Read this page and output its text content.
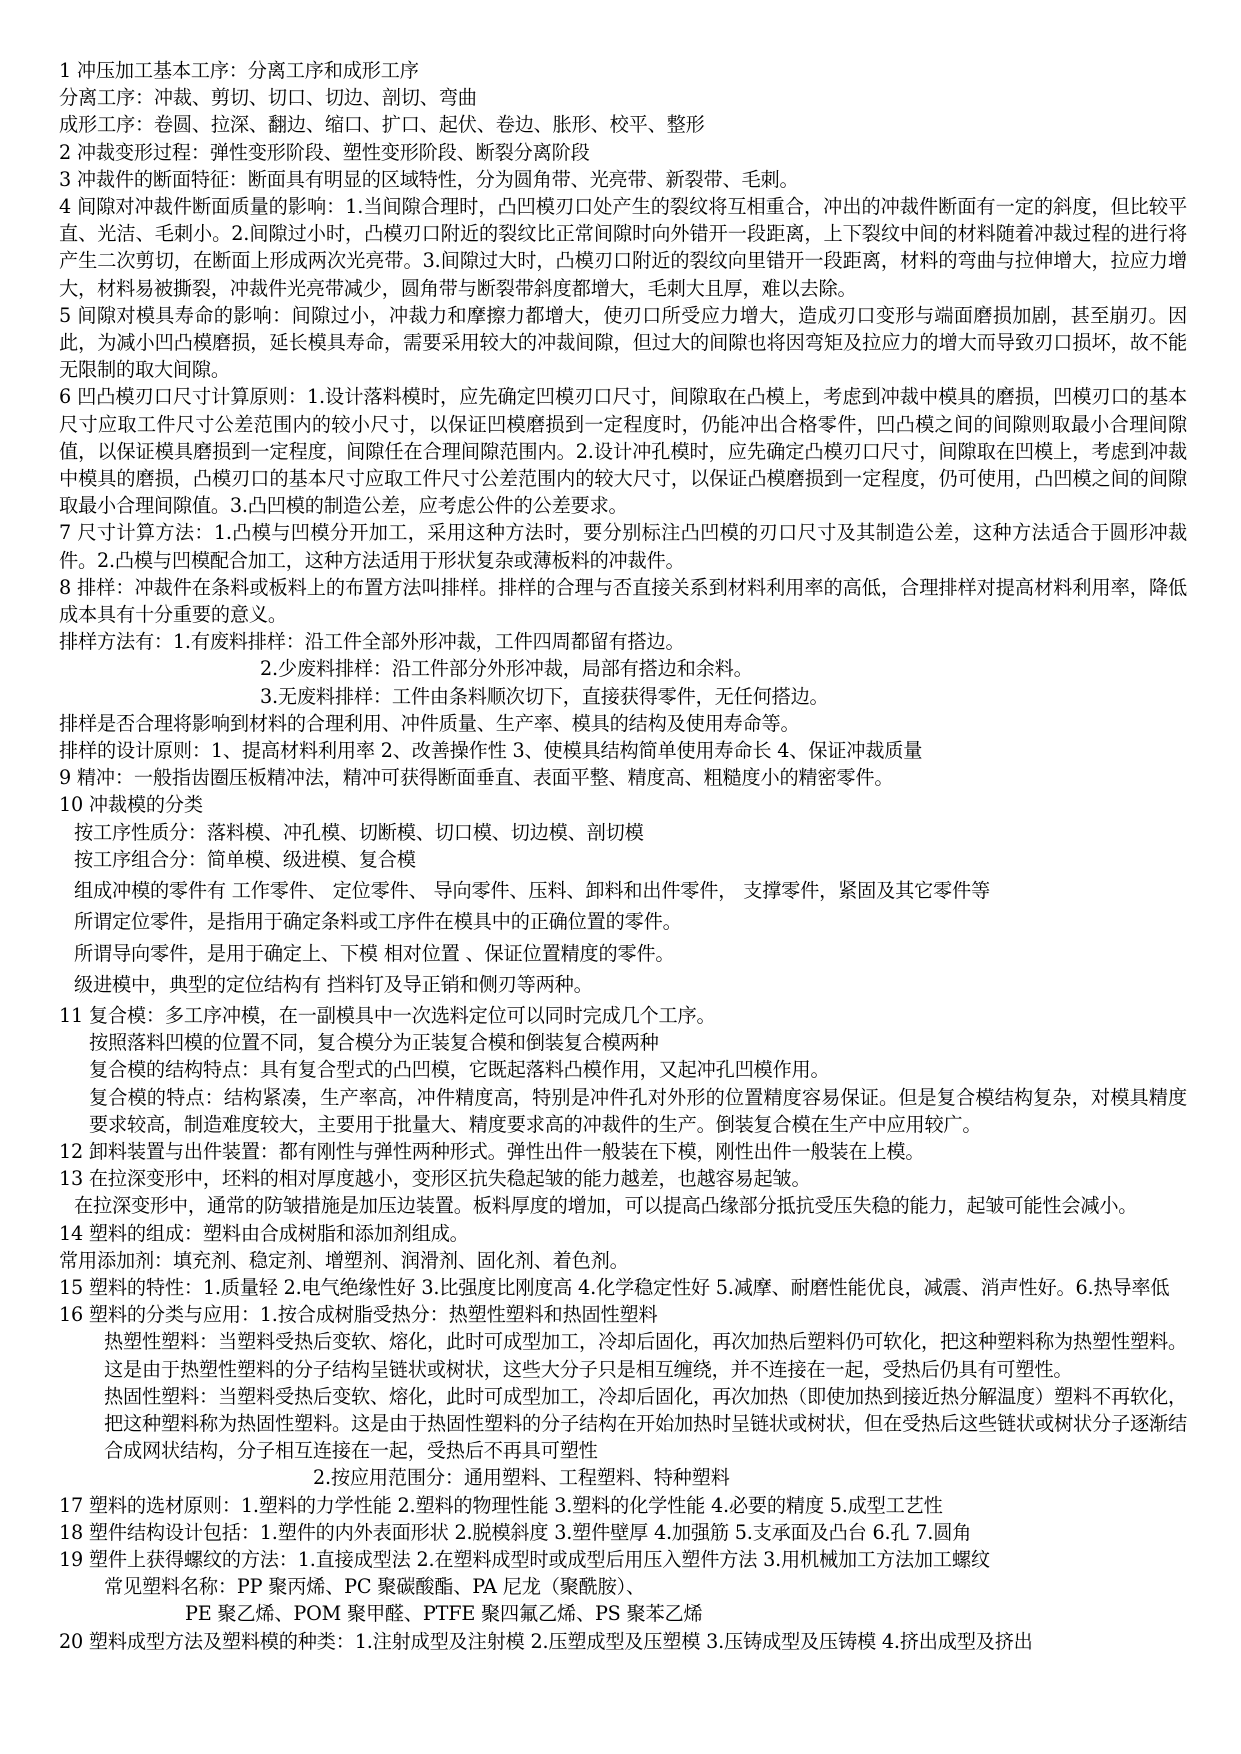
1 冲压加工基本工序：分离工序和成形工序
分离工序：冲裁、剪切、切口、切边、剖切、弯曲
成形工序：卷圆、拉深、翻边、缩口、扩口、起伏、卷边、胀形、校平、整形
2 冲裁变形过程：弹性变形阶段、塑性变形阶段、断裂分离阶段
3 冲裁件的断面特征：断面具有明显的区域特性，分为圆角带、光亮带、新裂带、毛刺。
4 间隙对冲裁件断面质量的影响：1.当间隙合理时，凸凹模刃口处产生的裂纹将互相重合，冲出的冲裁件断面有一定的斜度，但比较平直、光洁、毛刺小。2.间隙过小时，凸模刃口附近的裂纹比正常间隙时向外错开一段距离，上下裂纹中间的材料随着冲裁过程的进行将产生二次剪切，在断面上形成两次光亮带。3.间隙过大时，凸模刃口附近的裂纹向里错开一段距离，材料的弯曲与拉伸增大，拉应力增大，材料易被撕裂，冲裁件光亮带减少，圆角带与断裂带斜度都增大，毛刺大且厚，难以去除。
5 间隙对模具寿命的影响：间隙过小，冲裁力和摩擦力都增大，使刃口所受应力增大，造成刃口变形与端面磨损加剧，甚至崩刃。因此，为减小凹凸模磨损，延长模具寿命，需要采用较大的冲裁间隙，但过大的间隙也将因弯矩及拉应力的增大而导致刃口损坏，故不能无限制的取大间隙。
6 凹凸模刃口尺寸计算原则：1.设计落料模时，应先确定凹模刃口尺寸，间隙取在凸模上，考虑到冲裁中模具的磨损，凹模刃口的基本尺寸应取工件尺寸公差范围内的较小尺寸，以保证凹模磨损到一定程度时，仍能冲出合格零件，凹凸模之间的间隙则取最小合理间隙值，以保证模具磨损到一定程度，间隙任在合理间隙范围内。2.设计冲孔模时，应先确定凸模刃口尺寸，间隙取在凹模上，考虑到冲裁中模具的磨损，凸模刃口的基本尺寸应取工件尺寸公差范围内的较大尺寸，以保证凸模磨损到一定程度，仍可使用，凸凹模之间的间隙取最小合理间隙值。3.凸凹模的制造公差，应考虑公件的公差要求。
7 尺寸计算方法：1.凸模与凹模分开加工，采用这种方法时，要分别标注凸凹模的刃口尺寸及其制造公差，这种方法适合于圆形冲裁件。2.凸模与凹模配合加工，这种方法适用于形状复杂或薄板料的冲裁件。
8 排样：冲裁件在条料或板料上的布置方法叫排样。排样的合理与否直接关系到材料利用率的高低，合理排样对提高材料利用率，降低成本具有十分重要的意义。
排样方法有：1.有废料排样：沿工件全部外形冲裁，工件四周都留有搭边。
2.少废料排样：沿工件部分外形冲裁，局部有搭边和余料。
3.无废料排样：工件由条料顺次切下，直接获得零件，无任何搭边。
排样是否合理将影响到材料的合理利用、冲件质量、生产率、模具的结构及使用寿命等。
排样的设计原则：1、提高材料利用率 2、改善操作性 3、使模具结构简单使用寿命长 4、保证冲裁质量
9 精冲：一般指齿圈压板精冲法，精冲可获得断面垂直、表面平整、精度高、粗糙度小的精密零件。
10 冲裁模的分类
按工序性质分：落料模、冲孔模、切断模、切口模、切边模、剖切模
按工序组合分：简单模、级进模、复合模
组成冲模的零件有 工作零件、 定位零件、 导向零件、压料、卸料和出件零件， 支撑零件，紧固及其它零件等
所谓定位零件，是指用于确定条料或工序件在模具中的正确位置的零件。
所谓导向零件，是用于确定上、下模 相对位置 、保证位置精度的零件。
级进模中，典型的定位结构有 挡料钉及导正销和侧刃等两种。
11 复合模：多工序冲模，在一副模具中一次选料定位可以同时完成几个工序。
按照落料凹模的位置不同，复合模分为正装复合模和倒装复合模两种
复合模的结构特点：具有复合型式的凸凹模，它既起落料凸模作用，又起冲孔凹模作用。
复合模的特点：结构紧凑，生产率高，冲件精度高，特别是冲件孔对外形的位置精度容易保证。但是复合模结构复杂，对模具精度要求较高，制造难度较大，主要用于批量大、精度要求高的冲裁件的生产。倒装复合模在生产中应用较广。
12 卸料装置与出件装置：都有刚性与弹性两种形式。弹性出件一般装在下模，刚性出件一般装在上模。
13 在拉深变形中，坯料的相对厚度越小，变形区抗失稳起皱的能力越差，也越容易起皱。
在拉深变形中，通常的防皱措施是加压边装置。板料厚度的增加，可以提高凸缘部分抵抗受压失稳的能力，起皱可能性会减小。
14 塑料的组成：塑料由合成树脂和添加剂组成。
常用添加剂：填充剂、稳定剂、增塑剂、润滑剂、固化剂、着色剂。
15 塑料的特性：1.质量轻 2.电气绝缘性好 3.比强度比刚度高 4.化学稳定性好 5.减摩、耐磨性能优良，减震、消声性好。6.热导率低
16 塑料的分类与应用：1.按合成树脂受热分：热塑性塑料和热固性塑料
热塑性塑料：当塑料受热后变软、熔化，此时可成型加工，冷却后固化，再次加热后塑料仍可软化，把这种塑料称为热塑性塑料。这是由于热塑性塑料的分子结构呈链状或树状，这些大分子只是相互缠绕，并不连接在一起，受热后仍具有可塑性。
热固性塑料：当塑料受热后变软、熔化，此时可成型加工，冷却后固化，再次加热（即使加热到接近热分解温度）塑料不再软化，把这种塑料称为热固性塑料。这是由于热固性塑料的分子结构在开始加热时呈链状或树状，但在受热后这些链状或树状分子逐渐结合成网状结构，分子相互连接在一起，受热后不再具可塑性
2.按应用范围分：通用塑料、工程塑料、特种塑料
17 塑料的选材原则：1.塑料的力学性能 2.塑料的物理性能 3.塑料的化学性能 4.必要的精度 5.成型工艺性
18 塑件结构设计包括：1.塑件的内外表面形状 2.脱模斜度 3.塑件壁厚 4.加强筋 5.支承面及凸台 6.孔 7.圆角
19 塑件上获得螺纹的方法：1.直接成型法 2.在塑料成型时或成型后用压入塑件方法 3.用机械加工方法加工螺纹
常见塑料名称：PP 聚丙烯、PC 聚碳酸酯、PA 尼龙（聚酰胺）、
PE 聚乙烯、POM 聚甲醛、PTFE 聚四氟乙烯、PS 聚苯乙烯
20 塑料成型方法及塑料模的种类：1.注射成型及注射模 2.压塑成型及压塑模 3.压铸成型及压铸模 4.挤出成型及挤出
